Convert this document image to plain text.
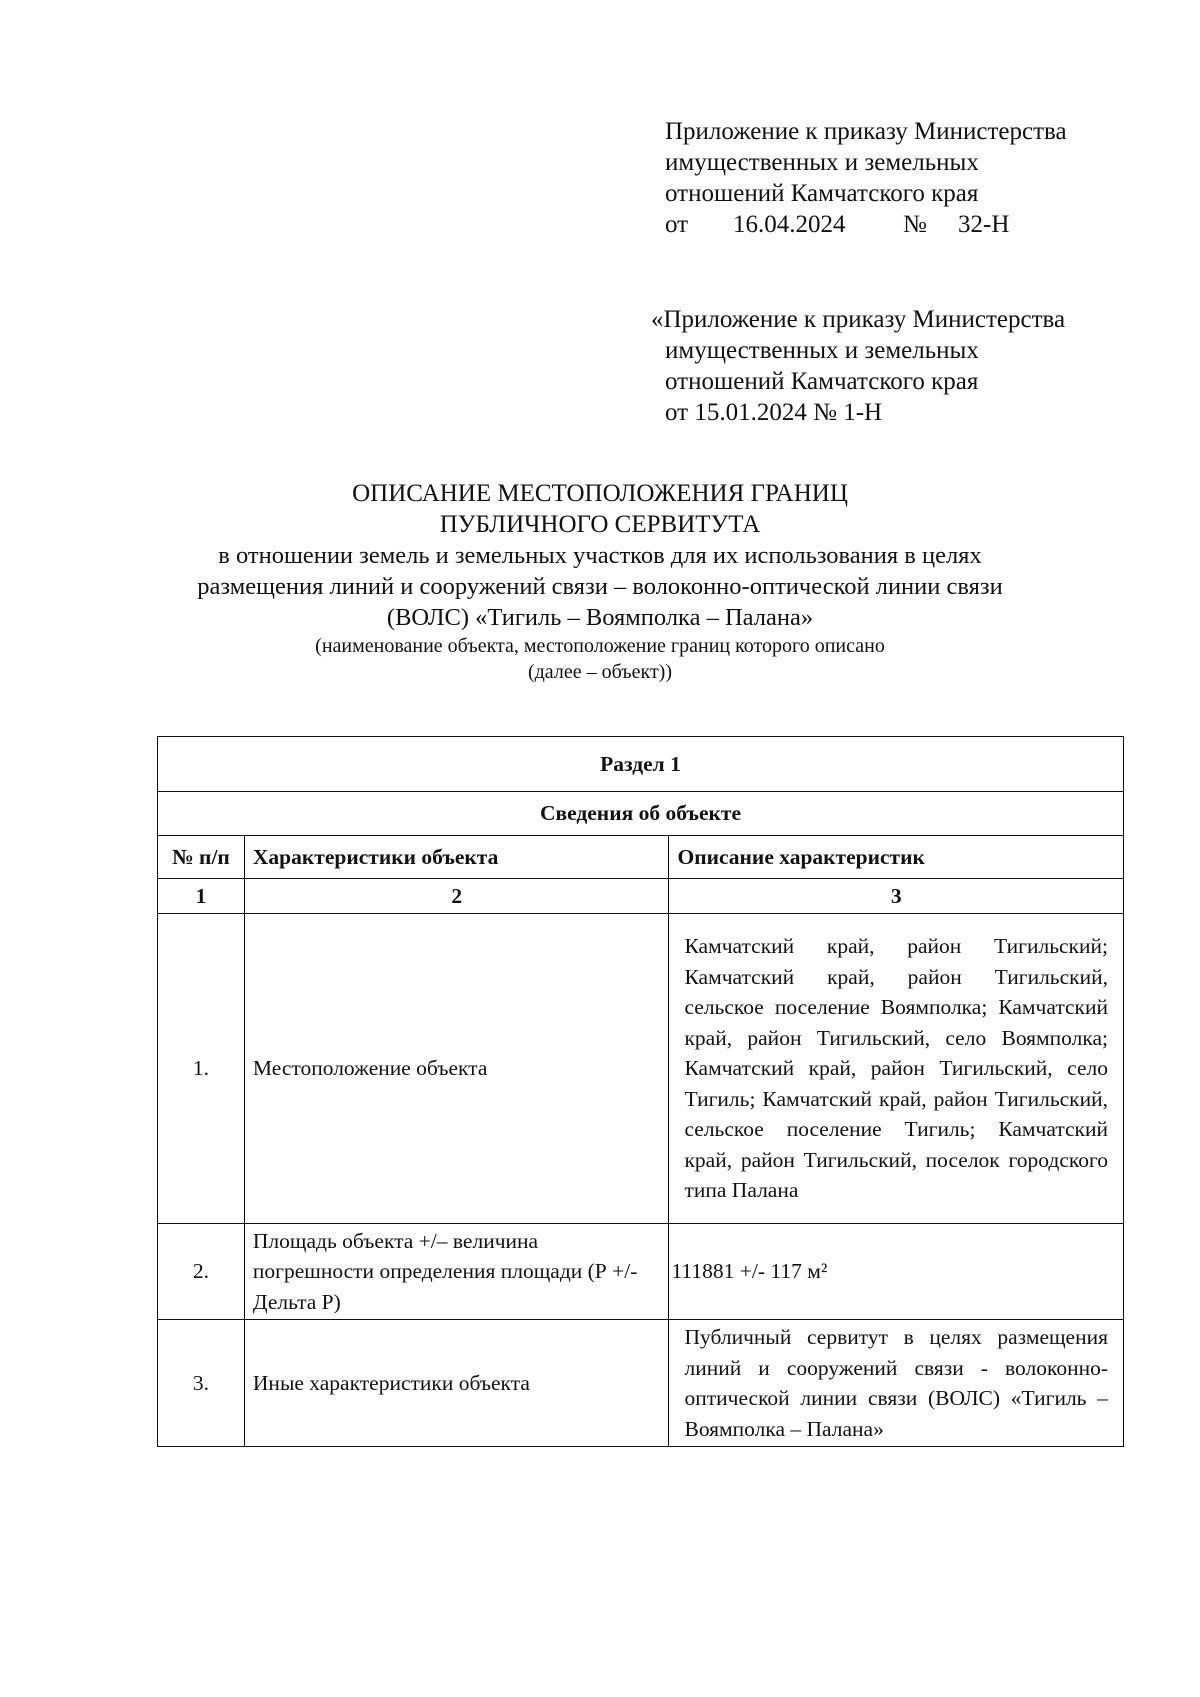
Приложение к приказу Министерства
имущественных и земельных
отношений Камчатского края
от 16.04.2024 № 32-Н
«Приложение к приказу Министерства
имущественных и земельных
отношений Камчатского края
от 15.01.2024 № 1-Н
ОПИСАНИЕ МЕСТОПОЛОЖЕНИЯ ГРАНИЦ
ПУБЛИЧНОГО СЕРВИТУТА
в отношении земель и земельных участков для их использования в целях
размещения линий и сооружений связи – волоконно-оптической линии связи
(ВОЛС) «Тигиль – Воямполка – Палана»
(наименование объекта, местоположение границ которого описано
(далее – объект))
Раздел 1		
Сведения об объекте		
№ п/п	Характеристики объекта	Описание характеристик
1	2	3
1.	Местоположение объекта	Камчатский край, район Тигильский; Камчатский край, район Тигильский, сельское поселение Воямполка; Камчатский край, район Тигильский, село Воямполка; Камчатский край, район Тигильский, село Тигиль; Камчатский край, район Тигильский, сельское поселение Тигиль; Камчатский край, район Тигильский, поселок городского типа Палана
2.	Площадь объекта +/– величина погрешности определения площади (Р +/- Дельта Р)	111881 +/- 117 м²
3.	Иные характеристики объекта	Публичный сервитут в целях размещения линий и сооружений связи - волоконно-оптической линии связи (ВОЛС) «Тигиль – Воямполка – Палана»
